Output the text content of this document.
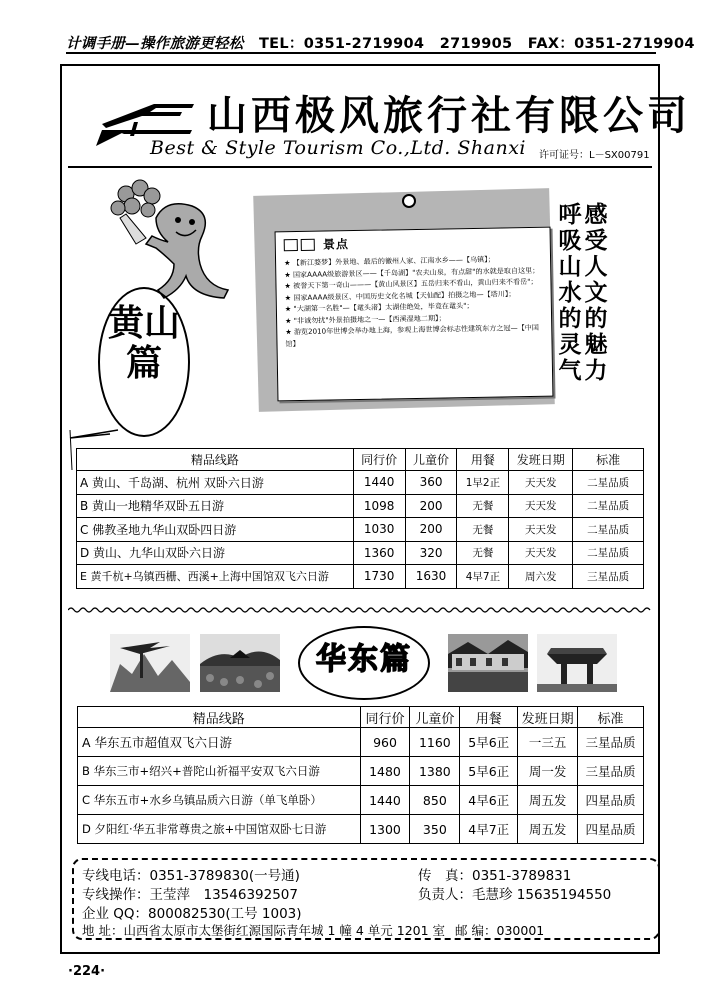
计调手册—操作旅游更轻松 TEL：0351-2719904 2719905 FAX：0351-2719904
山西极风旅行社有限公司
Best & Style Tourism Co.,Ltd. Shanxi 许可证号：L－SX00791
景点
★ 【新江婺梦】外景地、最后的徽州人家、江南水乡——【乌镇】；
★ 国家AAAA级旅游景区——【千岛湖】"农夫山泉，有点甜"的水就是取自这里；
★ 被誉天下第一奇山———【黄山风景区】五岳归来不看山，黄山归来不看岳"；
★ 国家AAAA级景区、中国历史文化名城【天仙配】拍摄之地—【塔川】；
★ "大湖第一名胜"—【鼋头渚】太湖佳绝处，毕竟在鼋头"；
★ "非诚勿扰"外景拍摄地之一—【西溪湿地二期】；
★ 游览2010年世博会举办地上海，参观上海世博会标志性建筑东方之冠—【中国馆】
感受人文的魅力
呼吸山水的灵气
黄山篇
精品线路	同行价	儿童价	用餐	发班日期	标准
A 黄山、千岛湖、杭州 双卧六日游	1440	360	1早2正	天天发	二星品质
B 黄山一地精华双卧五日游	1098	200	无餐	天天发	二星品质
C 佛教圣地九华山双卧四日游	1030	200	无餐	天天发	二星品质
D 黄山、九华山双卧六日游	1360	320	无餐	天天发	二星品质
E 黄千杭+乌镇西栅、西溪+上海中国馆双飞六日游	1730	1630	4早7正	周六发	三星品质
华东篇
精品线路	同行价	儿童价	用餐	发班日期	标准
A 华东五市超值双飞六日游	960	1160	5早6正	一三五	三星品质
B 华东三市+绍兴+普陀山祈福平安双飞六日游	1480	1380	5早6正	周一发	三星品质
C 华东五市+水乡乌镇品质六日游（单飞单卧）	1440	850	4早6正	周五发	四星品质
D 夕阳红·华五非常尊贵之旅+中国馆双卧七日游	1300	350	4早7正	周五发	四星品质
专线电话：0351-3789830(一号通)	传　真：0351-3789831
专线操作：王莹萍　13546392507	负责人：毛慧珍 15635194550
企业 QQ：800082530(工号 1003)
地 址：山西省太原市太堡街红源国际青年城 1 幢 4 单元 1201 室 邮 编：030001
·224·
